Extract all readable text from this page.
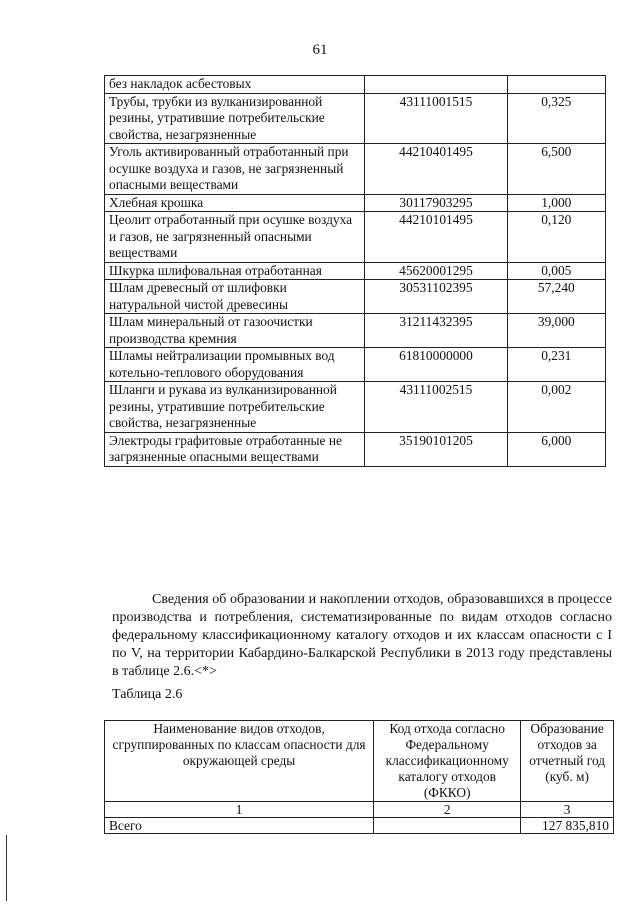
61
без накладок асбестовых		
Трубы, трубки из вулканизированной резины, утратившие потребительские свойства, незагрязненные	43111001515	0,325
Уголь активированный отработанный при осушке воздуха и газов, не загрязненный опасными веществами	44210401495	6,500
Хлебная крошка	30117903295	1,000
Цеолит отработанный при осушке воздуха и газов, не загрязненный опасными веществами	44210101495	0,120
Шкурка шлифовальная отработанная	45620001295	0,005
Шлам древесный от шлифовки натуральной чистой древесины	30531102395	57,240
Шлам минеральный от газоочистки производства кремния	31211432395	39,000
Шламы нейтрализации промывных вод котельно-теплового оборудования	61810000000	0,231
Шланги и рукава из вулканизированной резины, утратившие потребительские свойства, незагрязненные	43111002515	0,002
Электроды графитовые отработанные не загрязненные опасными веществами	35190101205	6,000

Сведения об образовании и накоплении отходов, образовавшихся в процессе производства и потребления, систематизированные по видам отходов согласно федеральному классификационному каталогу отходов и их классам опасности с I по V, на территории Кабардино-Балкарской Республики в 2013 году представлены в таблице 2.6.<*>

Таблица 2.6

Наименование видов отходов, сгруппированных по классам опасности для окружающей среды	Код отхода согласно Федеральному классификационному каталогу отходов (ФККО)	Образование отходов за отчетный год (куб. м)
1	2	3
Всего		127 835,810
